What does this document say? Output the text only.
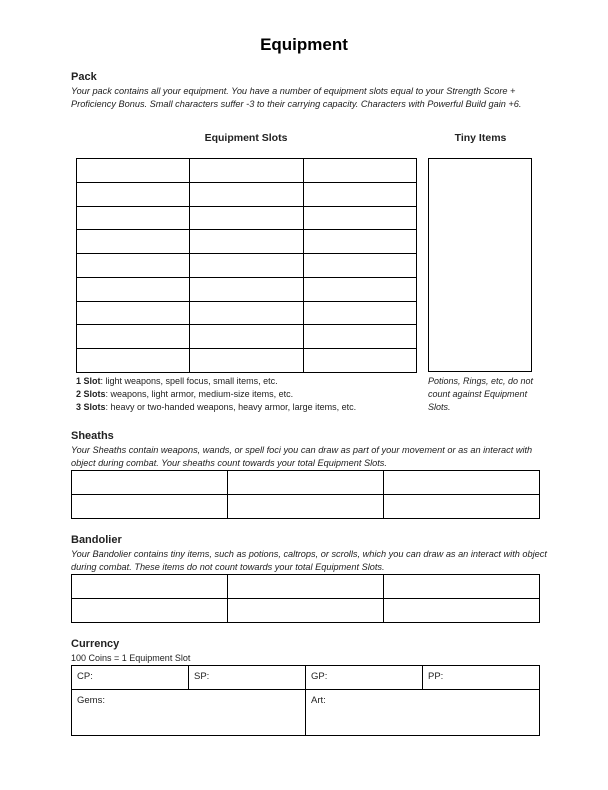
Equipment
Pack
Your pack contains all your equipment. You have a number of equipment slots equal to your Strength Score + Proficiency Bonus. Small characters suffer -3 to their carrying capacity. Characters with Powerful Build gain +6.
Equipment Slots	Tiny Items

1 Slot: light weapons, spell focus, small items, etc.
2 Slots: weapons, light armor, medium-size items, etc.
3 Slots: heavy or two-handed weapons, heavy armor, large items, etc.
Potions, Rings, etc, do not count against Equipment Slots.
Sheaths
Your Sheaths contain weapons, wands, or spell foci you can draw as part of your movement or as an interact with object during combat. Your sheaths count towards your total Equipment Slots.

Bandolier
Your Bandolier contains tiny items, such as potions, caltrops, or scrolls, which you can draw as an interact with object during combat. These items do not count towards your total Equipment Slots.

Currency
100 Coins = 1 Equipment Slot
CP:	SP:	GP:	PP:
Gems:		Art:	
